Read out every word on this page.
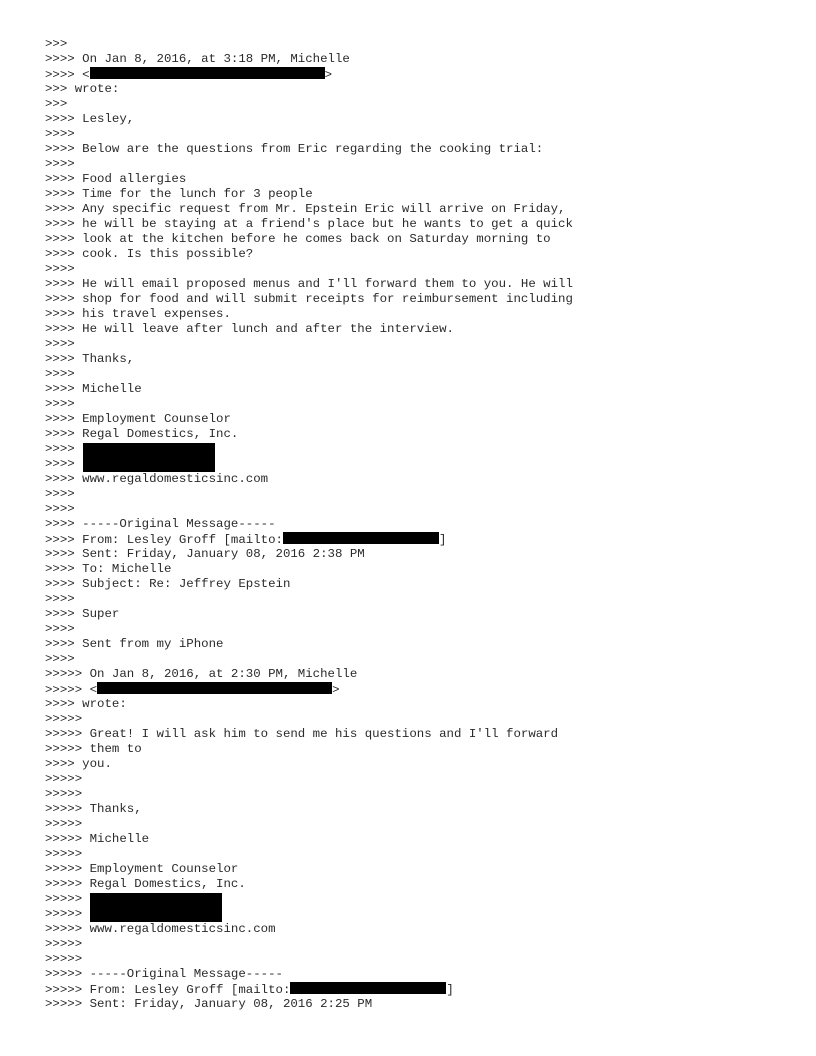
>>>
>>>> On Jan 8, 2016, at 3:18 PM, Michelle
>>>> <	>
>>> wrote:
>>>
>>>> Lesley,
>>>>
>>>> Below are the questions from Eric regarding the cooking trial:
>>>>
>>>> Food allergies
>>>> Time for the lunch for 3 people
>>>> Any specific request from Mr. Epstein Eric will arrive on Friday,
>>>> he will be staying at a friend's place but he wants to get a quick
>>>> look at the kitchen before he comes back on Saturday morning to
>>>> cook. Is this possible?
>>>>
>>>> He will email proposed menus and I'll forward them to you. He will
>>>> shop for food and will submit receipts for reimbursement including
>>>> his travel expenses.
>>>> He will leave after lunch and after the interview.
>>>>
>>>> Thanks,
>>>>
>>>> Michelle
>>>>
>>>> Employment Counselor
>>>> Regal Domestics, Inc.
>>>>
>>>>
>>>> www.regaldomesticsinc.com
>>>>
>>>>
>>>> -----Original Message-----
>>>> From: Lesley Groff [mailto:	]
>>>> Sent: Friday, January 08, 2016 2:38 PM
>>>> To: Michelle
>>>> Subject: Re: Jeffrey Epstein
>>>>
>>>> Super
>>>>
>>>> Sent from my iPhone
>>>>
>>>>> On Jan 8, 2016, at 2:30 PM, Michelle
>>>>> <	>
>>>> wrote:
>>>>>
>>>>> Great! I will ask him to send me his questions and I'll forward
>>>>> them to
>>>> you.
>>>>>
>>>>>
>>>>> Thanks,
>>>>>
>>>>> Michelle
>>>>>
>>>>> Employment Counselor
>>>>> Regal Domestics, Inc.
>>>>>
>>>>>
>>>>> www.regaldomesticsinc.com
>>>>>
>>>>>
>>>>> -----Original Message-----
>>>>> From: Lesley Groff [mailto:	]
>>>>> Sent: Friday, January 08, 2016 2:25 PM
